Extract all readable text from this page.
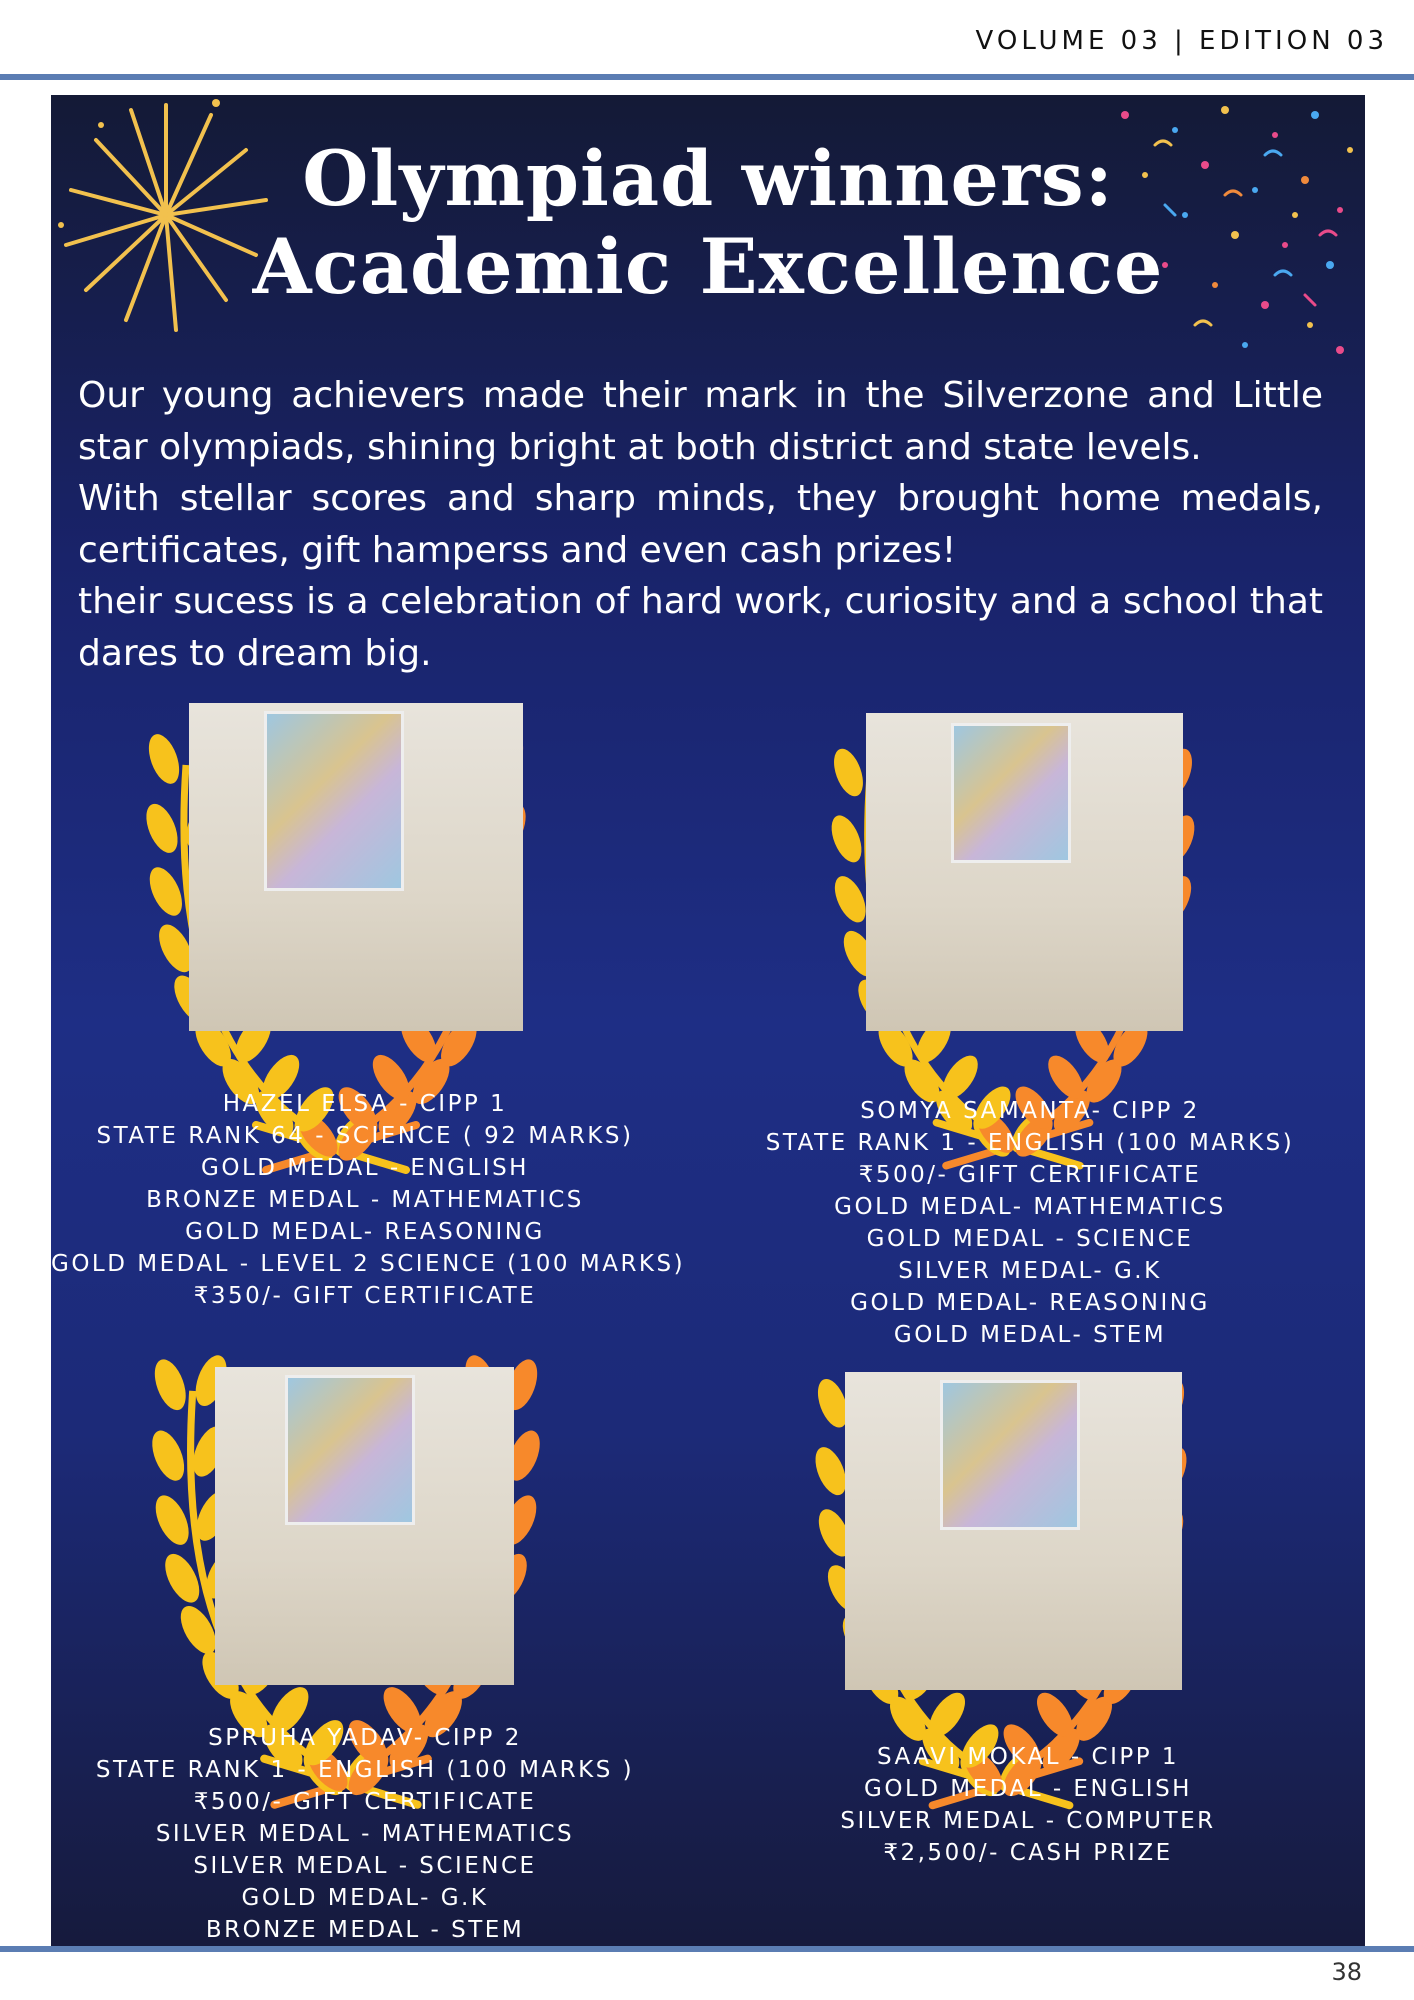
VOLUME 03 | EDITION 03
Olympiad winners: Academic Excellence

Our young achievers made their mark in the Silverzone and Little star olympiads, shining bright at both district and state levels.

With stellar scores and sharp minds, they brought home medals, certificates, gift hamperss and even cash prizes!

their sucess is a celebration of hard work, curiosity and a school that dares to dream big.

HAZEL ELSA - CIPP 1
STATE RANK 64 - SCIENCE ( 92 MARKS)
GOLD MEDAL - ENGLISH
BRONZE MEDAL - MATHEMATICS
GOLD MEDAL- REASONING
GOLD MEDAL - LEVEL 2 SCIENCE (100 MARKS)
₹350/- GIFT CERTIFICATE
SOMYA SAMANTA- CIPP 2
STATE RANK 1 - ENGLISH (100 MARKS)
₹500/- GIFT CERTIFICATE
GOLD MEDAL- MATHEMATICS
GOLD MEDAL - SCIENCE
SILVER MEDAL- G.K
GOLD MEDAL- REASONING
GOLD MEDAL- STEM
SPRUHA YADAV- CIPP 2
STATE RANK 1 - ENGLISH (100 MARKS )
₹500/- GIFT CERTIFICATE
SILVER MEDAL - MATHEMATICS
SILVER MEDAL - SCIENCE
GOLD MEDAL- G.K
BRONZE MEDAL - STEM
SAAVI MOKAL - CIPP 1
GOLD MEDAL - ENGLISH
SILVER MEDAL - COMPUTER
₹2,500/- CASH PRIZE
38
